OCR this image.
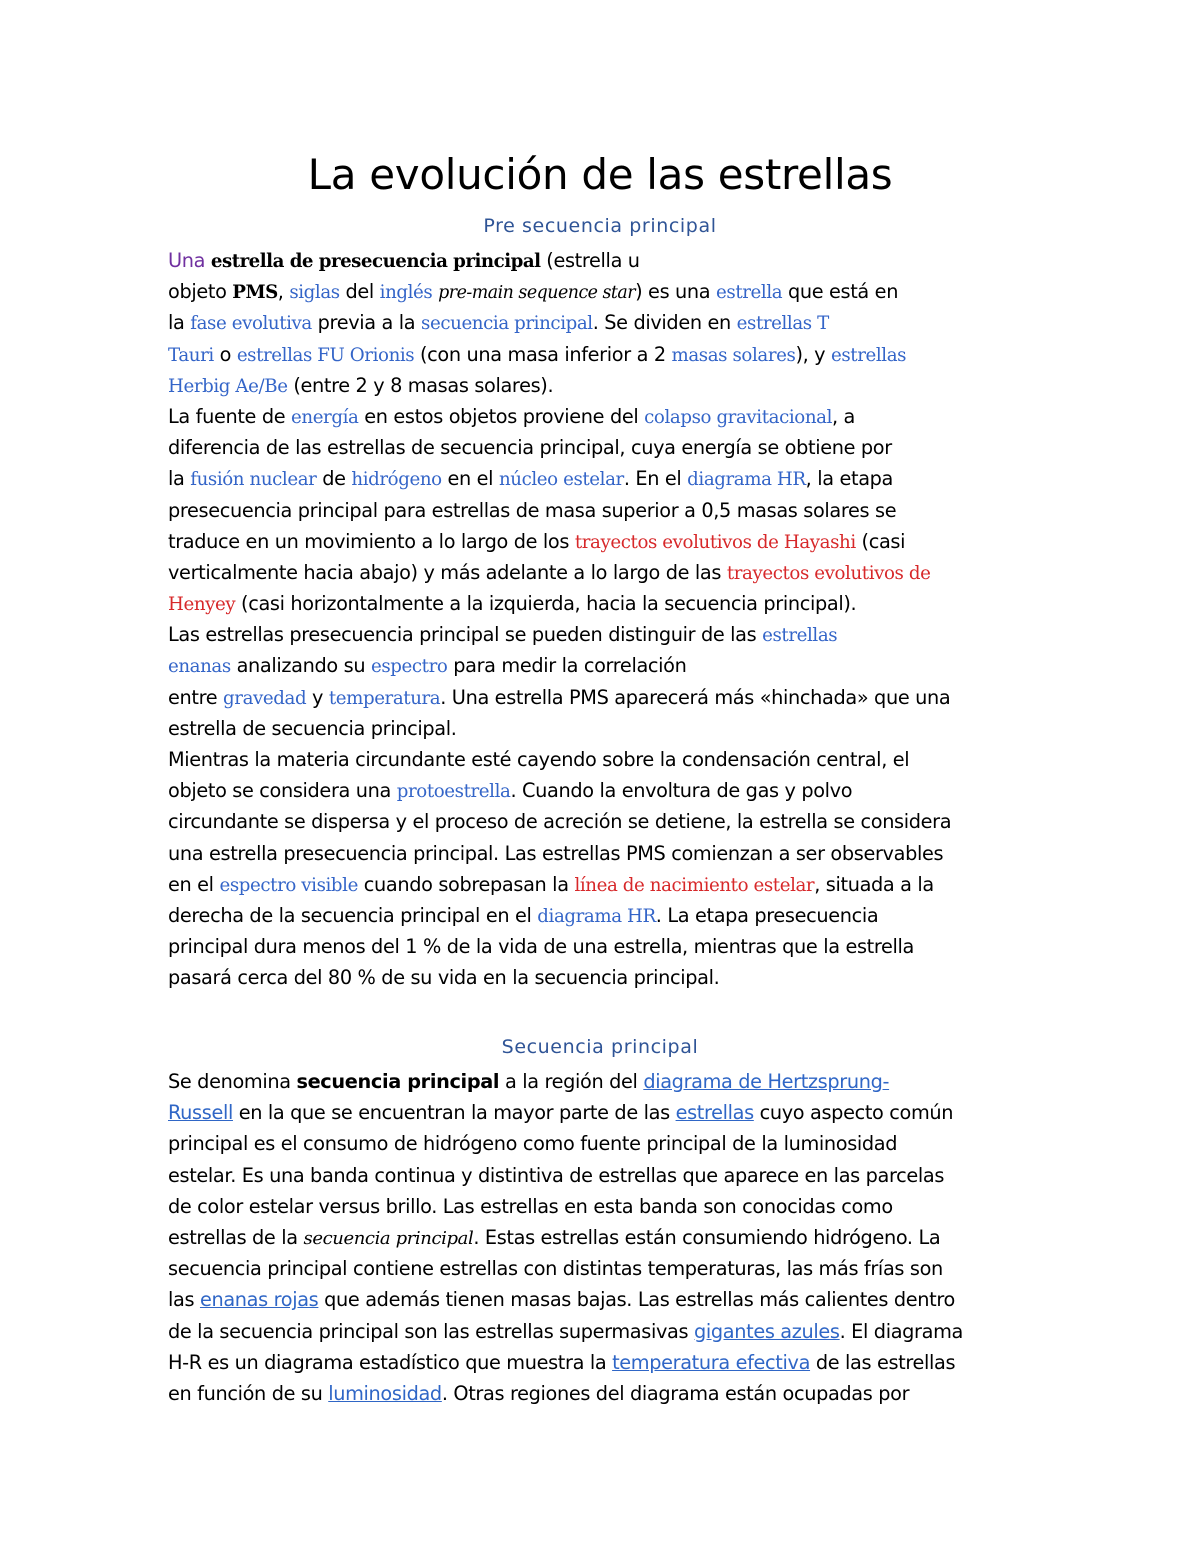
La evolución de las estrellas
Pre secuencia principal
Una estrella de presecuencia principal (estrella u
objeto PMS, siglas del inglés pre-main sequence star) es una estrella que está en
la fase evolutiva previa a la secuencia principal. Se dividen en estrellas T
Tauri o estrellas FU Orionis (con una masa inferior a 2 masas solares), y estrellas
Herbig Ae/Be (entre 2 y 8 masas solares).
La fuente de energía en estos objetos proviene del colapso gravitacional, a
diferencia de las estrellas de secuencia principal, cuya energía se obtiene por
la fusión nuclear de hidrógeno en el núcleo estelar. En el diagrama HR, la etapa
presecuencia principal para estrellas de masa superior a 0,5 masas solares se
traduce en un movimiento a lo largo de los trayectos evolutivos de Hayashi (casi
verticalmente hacia abajo) y más adelante a lo largo de las trayectos evolutivos de
Henyey (casi horizontalmente a la izquierda, hacia la secuencia principal).
Las estrellas presecuencia principal se pueden distinguir de las estrellas
enanas analizando su espectro para medir la correlación
entre gravedad y temperatura. Una estrella PMS aparecerá más «hinchada» que una
estrella de secuencia principal.
Mientras la materia circundante esté cayendo sobre la condensación central, el
objeto se considera una protoestrella. Cuando la envoltura de gas y polvo
circundante se dispersa y el proceso de acreción se detiene, la estrella se considera
una estrella presecuencia principal. Las estrellas PMS comienzan a ser observables
en el espectro visible cuando sobrepasan la línea de nacimiento estelar, situada a la
derecha de la secuencia principal en el diagrama HR. La etapa presecuencia
principal dura menos del 1 % de la vida de una estrella, mientras que la estrella
pasará cerca del 80 % de su vida en la secuencia principal.
Secuencia principal
Se denomina secuencia principal a la región del diagrama de Hertzsprung-
Russell en la que se encuentran la mayor parte de las estrellas cuyo aspecto común
principal es el consumo de hidrógeno como fuente principal de la luminosidad
estelar. Es una banda continua y distintiva de estrellas que aparece en las parcelas
de color estelar versus brillo. Las estrellas en esta banda son conocidas como
estrellas de la secuencia principal. Estas estrellas están consumiendo hidrógeno. La
secuencia principal contiene estrellas con distintas temperaturas, las más frías son
las enanas rojas que además tienen masas bajas. Las estrellas más calientes dentro
de la secuencia principal son las estrellas supermasivas gigantes azules. El diagrama
H-R es un diagrama estadístico que muestra la temperatura efectiva de las estrellas
en función de su luminosidad. Otras regiones del diagrama están ocupadas por
